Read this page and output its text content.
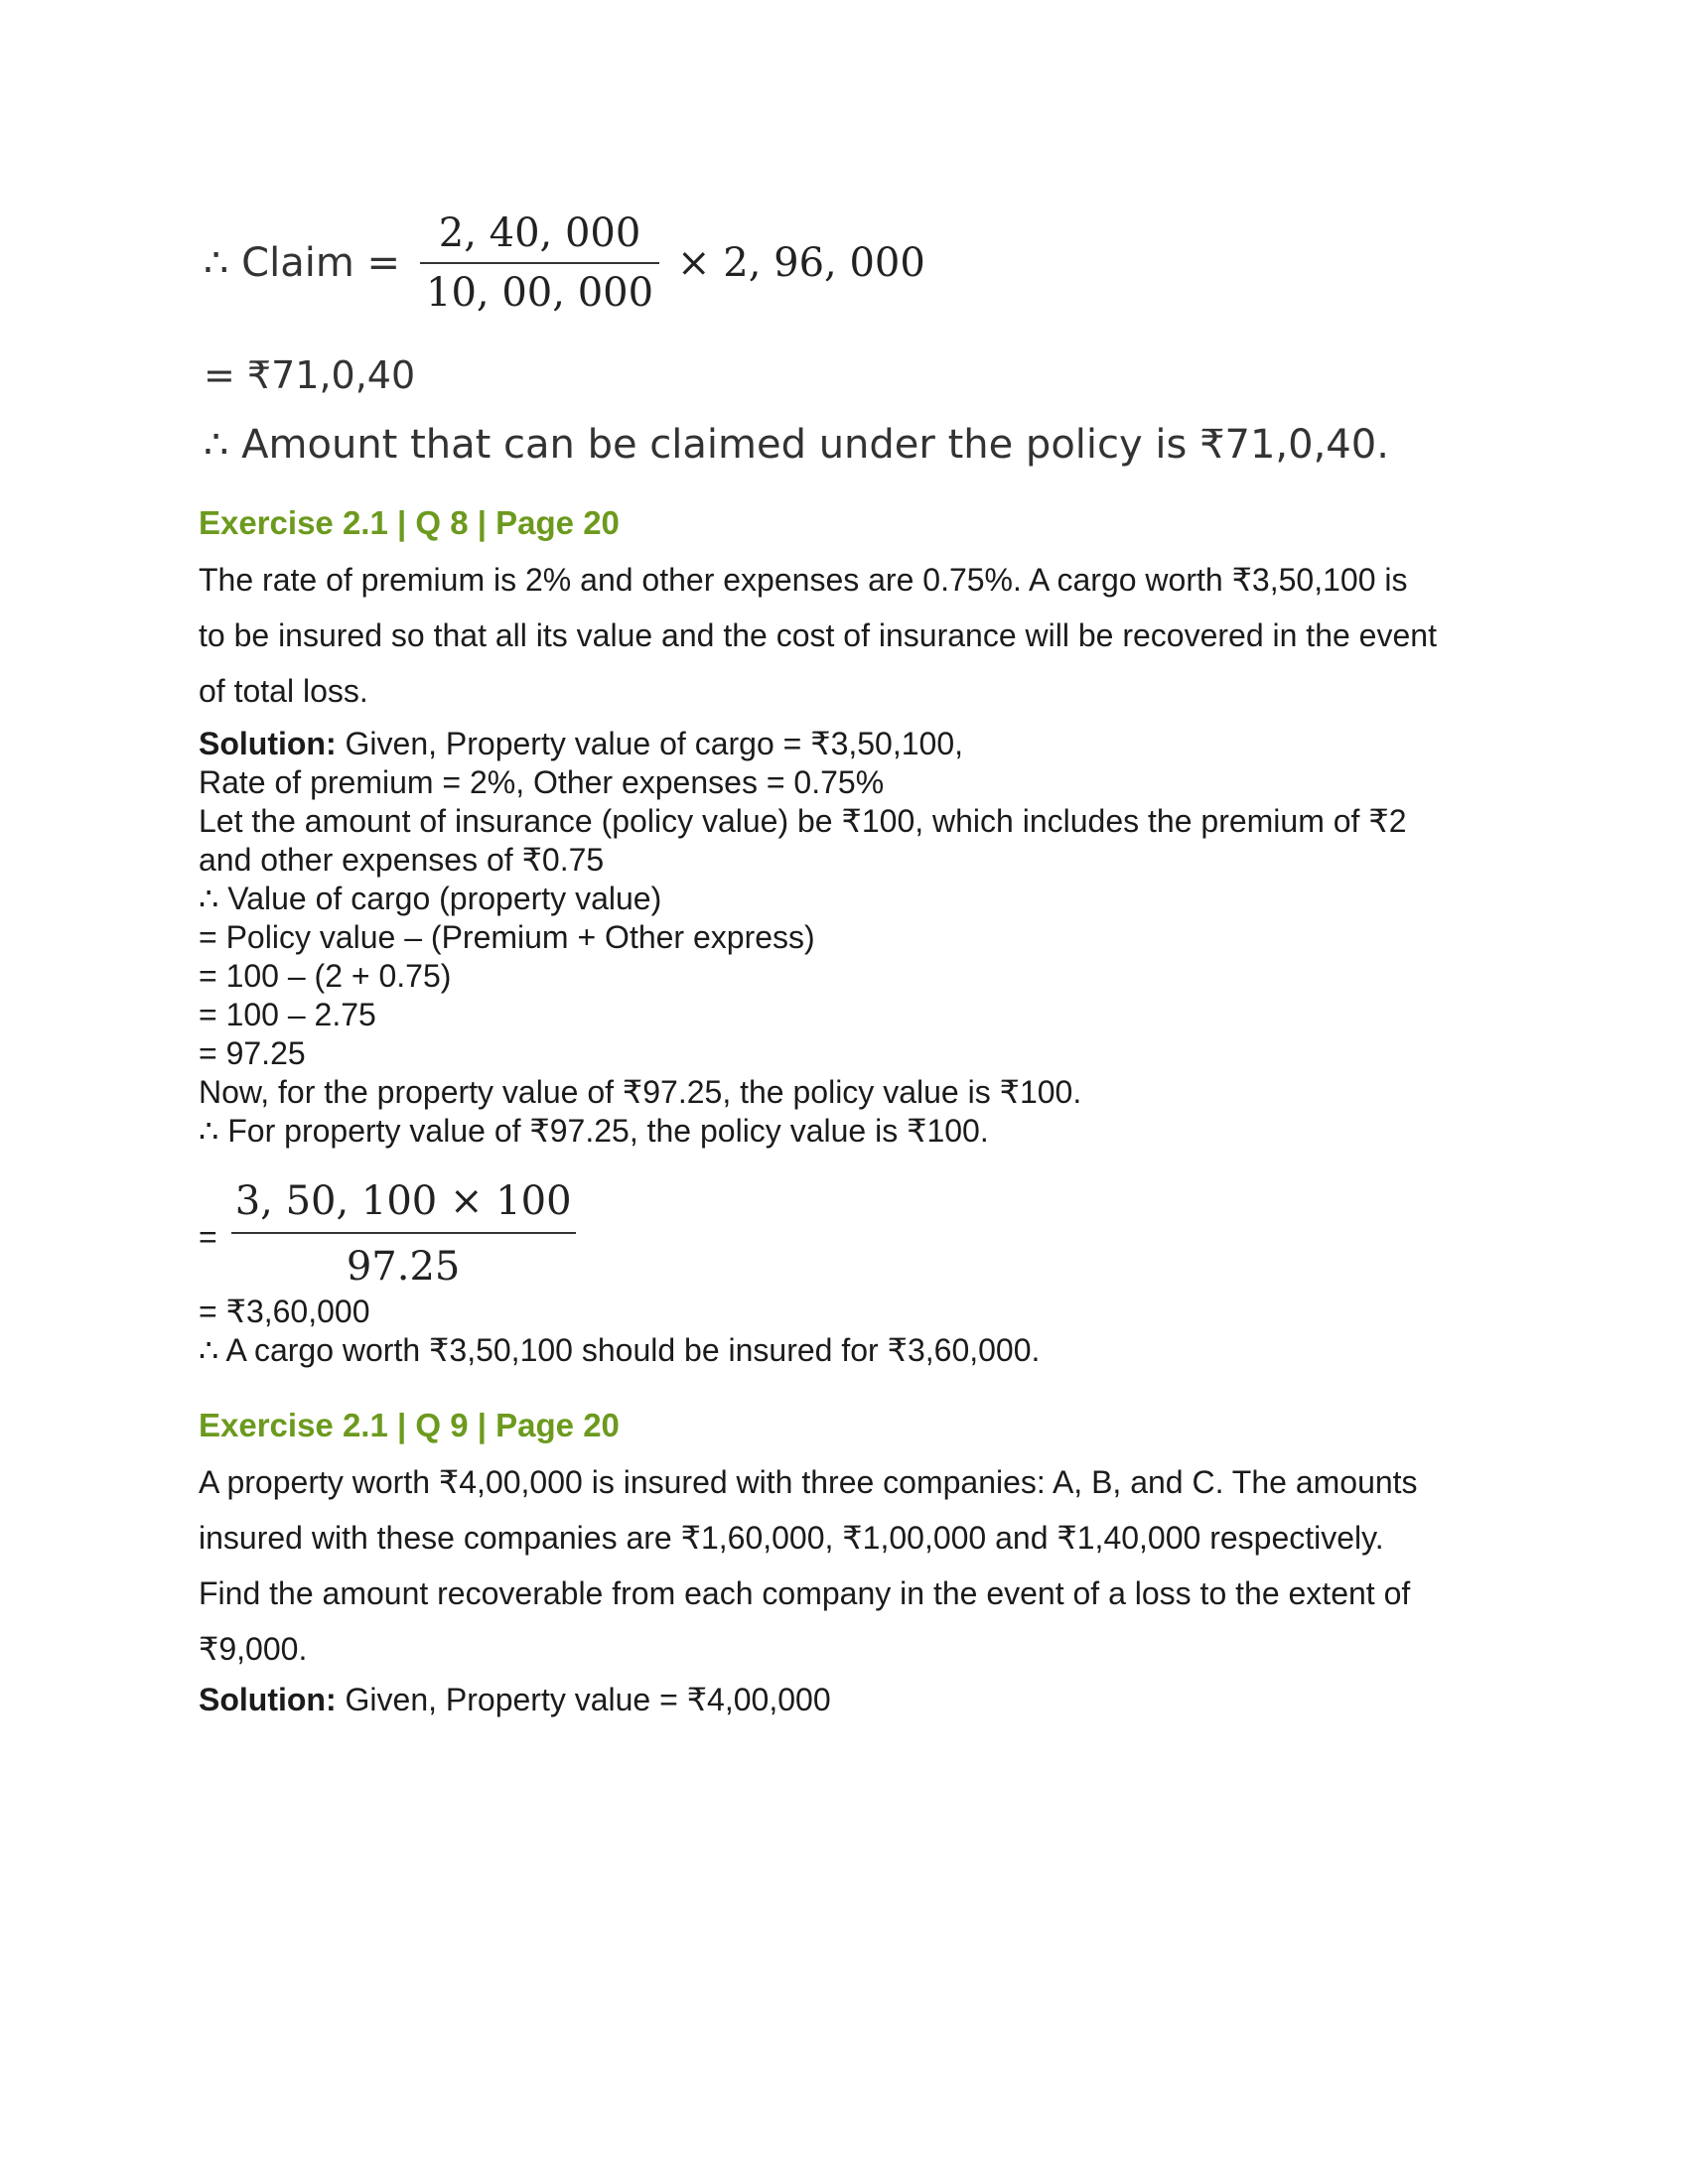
∴ Claim = $\frac{2, 40, 000}{10, 00, 000} \times 2$, 96, 000
= ₹71,0,40
∴ Amount that can be claimed under the policy is ₹71,0,40.
Exercise 2.1 | Q 8 | Page 20
The rate of premium is 2% and other expenses are 0.75%. A cargo worth ₹3,50,100 is
to be insured so that all its value and the cost of insurance will be recovered in the event
of total loss.
Solution: Given, Property value of cargo = ₹3,50,100,
Rate of premium = 2%, Other expenses = 0.75%
Let the amount of insurance (policy value) be ₹100, which includes the premium of ₹2
and other expenses of ₹0.75
∴ Value of cargo (property value)
= Policy value – (Premium + Other express)
= 100 – (2 + 0.75)
= 100 – 2.75
= 97.25
Now, for the property value of ₹97.25, the policy value is ₹100.
∴ For property value of ₹97.25, the policy value is ₹100.
= $\frac{3, 50, 100 \times 100}{97.25}$
= ₹3,60,000
∴ A cargo worth ₹3,50,100 should be insured for ₹3,60,000.
Exercise 2.1 | Q 9 | Page 20
A property worth ₹4,00,000 is insured with three companies: A, B, and C. The amounts
insured with these companies are ₹1,60,000, ₹1,00,000 and ₹1,40,000 respectively.
Find the amount recoverable from each company in the event of a loss to the extent of
₹9,000.
Solution: Given, Property value = ₹4,00,000
